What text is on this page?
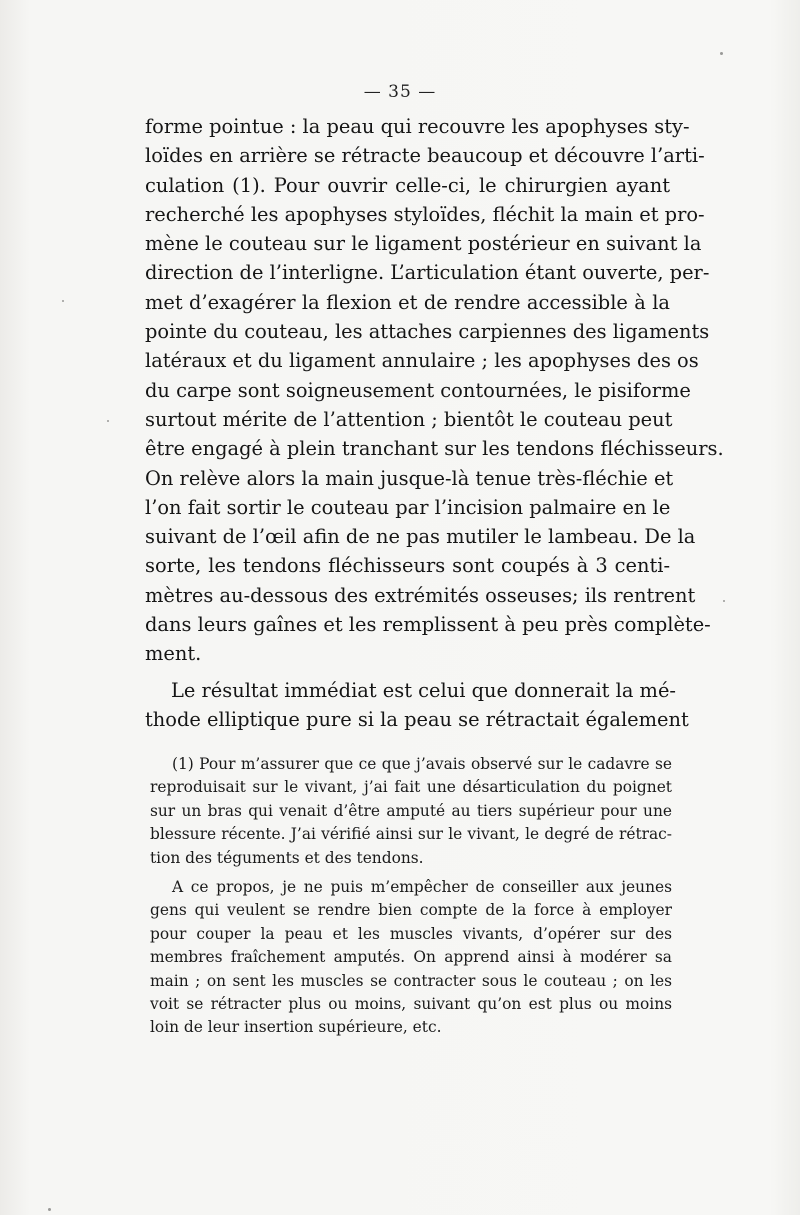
— 35 —
forme pointue : la peau qui recouvre les apophyses sty-
loïdes en arrière se rétracte beaucoup et découvre l’arti-
culation (1). Pour ouvrir celle-ci, le chirurgien ayant
recherché les apophyses styloïdes, fléchit la main et pro-
mène le couteau sur le ligament postérieur en suivant la
direction de l’interligne. L’articulation étant ouverte, per-
met d’exagérer la flexion et de rendre accessible à la
pointe du couteau, les attaches carpiennes des ligaments
latéraux et du ligament annulaire ; les apophyses des os
du carpe sont soigneusement contournées, le pisiforme
surtout mérite de l’attention ; bientôt le couteau peut
être engagé à plein tranchant sur les tendons fléchisseurs.
On relève alors la main jusque-là tenue très-fléchie et
l’on fait sortir le couteau par l’incision palmaire en le
suivant de l’œil afin de ne pas mutiler le lambeau. De la
sorte, les tendons fléchisseurs sont coupés à 3 centi-
mètres au-dessous des extrémités osseuses; ils rentrent
dans leurs gaînes et les remplissent à peu près complète-
ment.
Le résultat immédiat est celui que donnerait la mé-
thode elliptique pure si la peau se rétractait également
(1) Pour m’assurer que ce que j’avais observé sur le cadavre se
reproduisait sur le vivant, j’ai fait une désarticulation du poignet
sur un bras qui venait d’être amputé au tiers supérieur pour une
blessure récente. J’ai vérifié ainsi sur le vivant, le degré de rétrac-
tion des téguments et des tendons.
A ce propos, je ne puis m’empêcher de conseiller aux jeunes
gens qui veulent se rendre bien compte de la force à employer
pour couper la peau et les muscles vivants, d’opérer sur des
membres fraîchement amputés. On apprend ainsi à modérer sa
main ; on sent les muscles se contracter sous le couteau ; on les
voit se rétracter plus ou moins, suivant qu’on est plus ou moins
loin de leur insertion supérieure, etc.
